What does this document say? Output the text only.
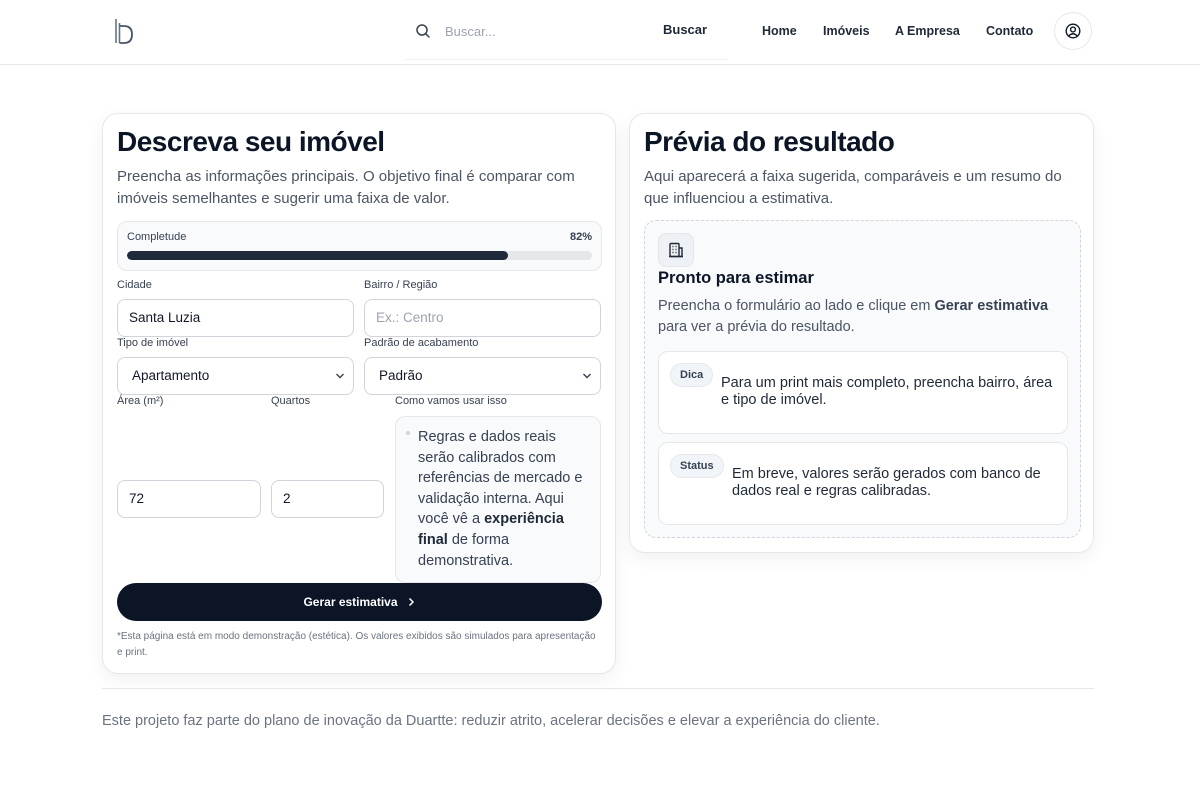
Buscar...
Buscar	Home Imóveis A Empresa Contato
Descreva seu imóvel

Preencha as informações principais. O objetivo final é comparar com imóveis semelhantes e sugerir uma faixa de valor.

Completude	82%
Cidade
Santa Luzia
Bairro / Região
Ex.: Centro
Tipo de imóvel
Apartamento
Padrão de acabamento
Padrão
Área (m²)
72
Quartos
2
Como vamos usar isso

Regras e dados reais serão calibrados com referências de mercado e validação interna. Aqui você vê a experiência final de forma demonstrativa.

Gerar estimativa

*Esta página está em modo demonstração (estética). Os valores exibidos são simulados para apresentação e print.

Prévia do resultado

Aqui aparecerá a faixa sugerida, comparáveis e um resumo do que influenciou a estimativa.

Pronto para estimar

Preencha o formulário ao lado e clique em Gerar estimativa para ver a prévia do resultado.

Dica	Para um print mais completo, preencha bairro, área e tipo de imóvel.

Status	Em breve, valores serão gerados com banco de dados real e regras calibradas.

Este projeto faz parte do plano de inovação da Duartte: reduzir atrito, acelerar decisões e elevar a experiência do cliente.
